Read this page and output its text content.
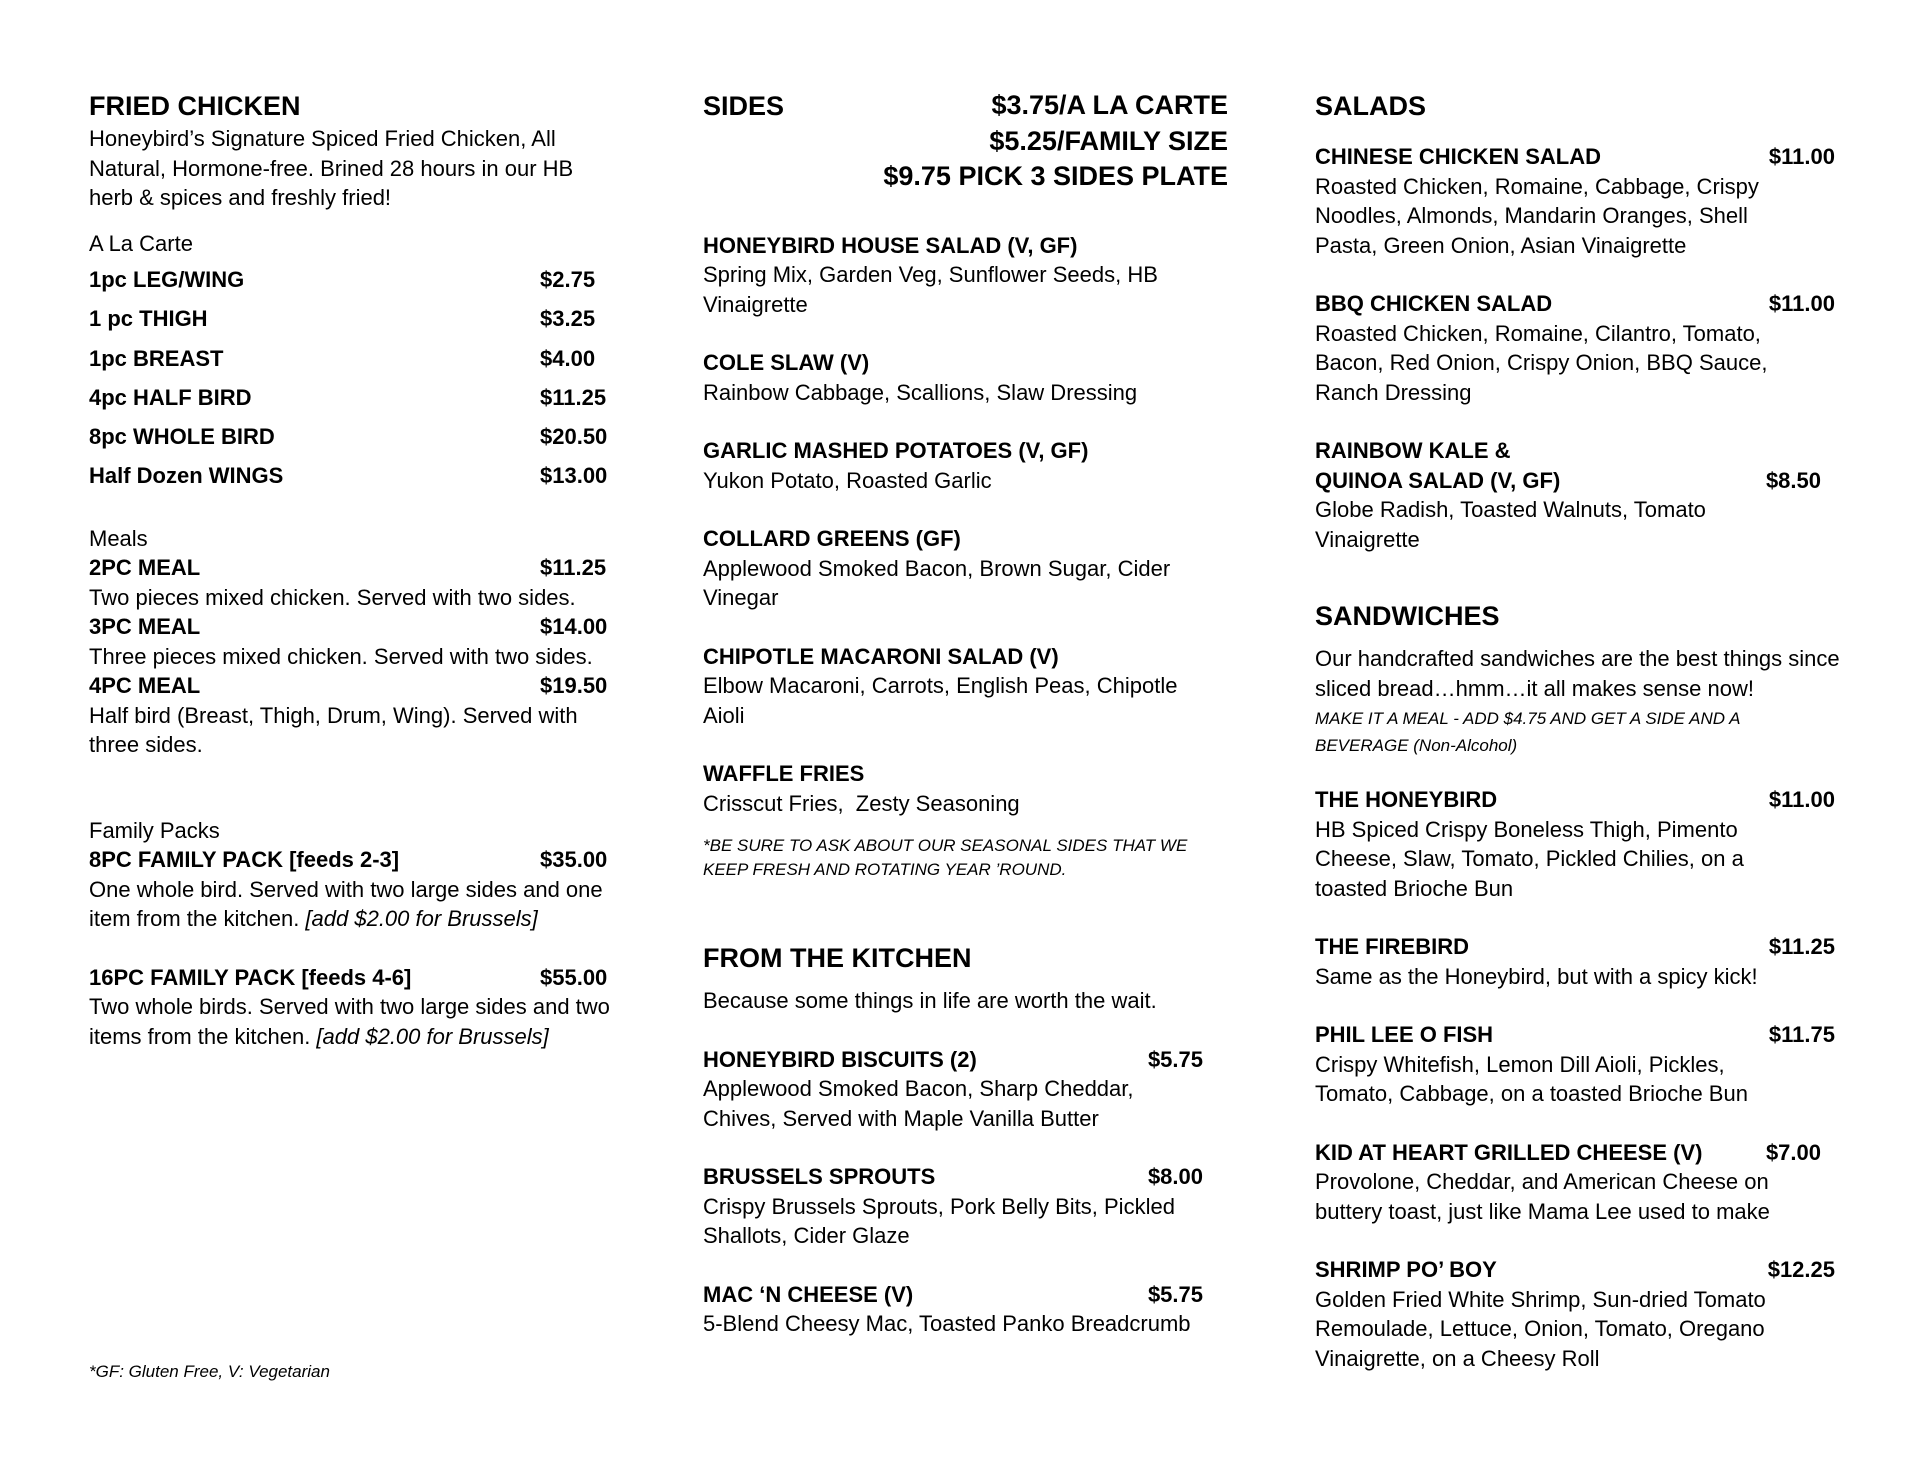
FRIED CHICKEN

Honeybird’s Signature Spiced Fried Chicken, All Natural, Hormone-free. Brined 28 hours in our HB herb & spices and freshly fried!

A La Carte

1pc LEG/WING	$2.75
1 pc THIGH	$3.25
1pc BREAST	$4.00
4pc HALF BIRD	$11.25
8pc WHOLE BIRD	$20.50
Half Dozen WINGS	$13.00

Meals

2PC MEAL	$11.25

Two pieces mixed chicken. Served with two sides.

3PC MEAL	$14.00

Three pieces mixed chicken. Served with two sides.

4PC MEAL	$19.50

Half bird (Breast, Thigh, Drum, Wing). Served with three sides.

Family Packs

8PC FAMILY PACK [feeds 2-3]	$35.00

One whole bird. Served with two large sides and one item from the kitchen. [add $2.00 for Brussels]

16PC FAMILY PACK [feeds 4-6]	$55.00

Two whole birds. Served with two large sides and two items from the kitchen. [add $2.00 for Brussels]

*GF: Gluten Free, V: Vegetarian
SIDES	$3.75/A LA CARTE
$5.25/FAMILY SIZE
$9.75 PICK 3 SIDES PLATE
HONEYBIRD HOUSE SALAD (V, GF)

Spring Mix, Garden Veg, Sunflower Seeds, HB Vinaigrette

COLE SLAW (V)

Rainbow Cabbage, Scallions, Slaw Dressing

GARLIC MASHED POTATOES (V, GF)

Yukon Potato, Roasted Garlic

COLLARD GREENS (GF)

Applewood Smoked Bacon, Brown Sugar, Cider Vinegar

CHIPOTLE MACARONI SALAD (V)

Elbow Macaroni, Carrots, English Peas, Chipotle Aioli

WAFFLE FRIES

Crisscut Fries,  Zesty Seasoning

*BE SURE TO ASK ABOUT OUR SEASONAL SIDES THAT WE KEEP FRESH AND ROTATING YEAR ’ROUND.

FROM THE KITCHEN

Because some things in life are worth the wait.

HONEYBIRD BISCUITS (2)	$5.75

Applewood Smoked Bacon, Sharp Cheddar, Chives, Served with Maple Vanilla Butter

BRUSSELS SPROUTS	$8.00

Crispy Brussels Sprouts, Pork Belly Bits, Pickled Shallots, Cider Glaze

MAC ‘N CHEESE (V)	$5.75

5-Blend Cheesy Mac, Toasted Panko Breadcrumb

SALADS
CHINESE CHICKEN SALAD	$11.00

Roasted Chicken, Romaine, Cabbage, Crispy Noodles, Almonds, Mandarin Oranges, Shell Pasta, Green Onion, Asian Vinaigrette

BBQ CHICKEN SALAD	$11.00

Roasted Chicken, Romaine, Cilantro, Tomato, Bacon, Red Onion, Crispy Onion, BBQ Sauce, Ranch Dressing

RAINBOW KALE &
QUINOA SALAD (V, GF)	$8.50

Globe Radish, Toasted Walnuts, Tomato Vinaigrette

SANDWICHES

Our handcrafted sandwiches are the best things since sliced bread…hmm…it all makes sense now!

MAKE IT A MEAL - ADD $4.75 AND GET A SIDE AND A BEVERAGE (Non-Alcohol)

THE HONEYBIRD	$11.00

HB Spiced Crispy Boneless Thigh, Pimento Cheese, Slaw, Tomato, Pickled Chilies, on a toasted Brioche Bun

THE FIREBIRD	$11.25

Same as the Honeybird, but with a spicy kick!

PHIL LEE O FISH	$11.75

Crispy Whitefish, Lemon Dill Aioli, Pickles, Tomato, Cabbage, on a toasted Brioche Bun

KID AT HEART GRILLED CHEESE (V)	$7.00

Provolone, Cheddar, and American Cheese on buttery toast, just like Mama Lee used to make

SHRIMP PO’ BOY	$12.25

Golden Fried White Shrimp, Sun-dried Tomato Remoulade, Lettuce, Onion, Tomato, Oregano Vinaigrette, on a Cheesy Roll
